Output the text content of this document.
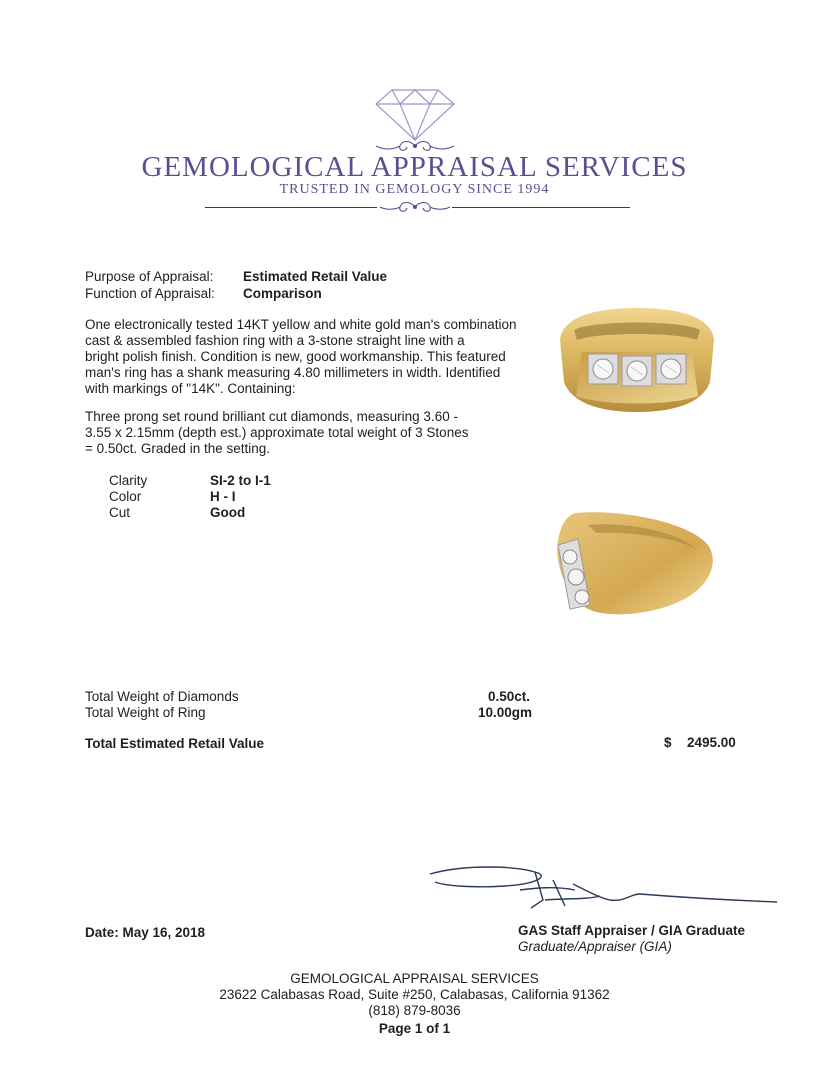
GEMOLOGICAL APPRAISAL SERVICES
TRUSTED IN GEMOLOGY SINCE 1994
Purpose of Appraisal: Estimated Retail Value
Function of Appraisal: Comparison
One electronically tested 14KT yellow and white gold man's combination
cast & assembled fashion ring with a 3-stone straight line with a
bright polish finish. Condition is new, good workmanship. This featured
man's ring has a shank measuring 4.80 millimeters in width. Identified
with markings of "14K". Containing:
Three prong set round brilliant cut diamonds, measuring 3.60 -
3.55 x 2.15mm (depth est.) approximate total weight of 3 Stones
= 0.50ct. Graded in the setting.
Clarity	SI-2 to I-1
Color	H - I
Cut	Good
Total Weight of Diamonds	0.50ct.
Total Weight of Ring	10.00gm
Total Estimated Retail Value	$ 2495.00
Date: May 16, 2018	GAS Staff Appraiser / GIA Graduate
Graduate/Appraiser (GIA)
GEMOLOGICAL APPRAISAL SERVICES
23622 Calabasas Road, Suite #250, Calabasas, California 91362
(818) 879-8036
Page 1 of 1
